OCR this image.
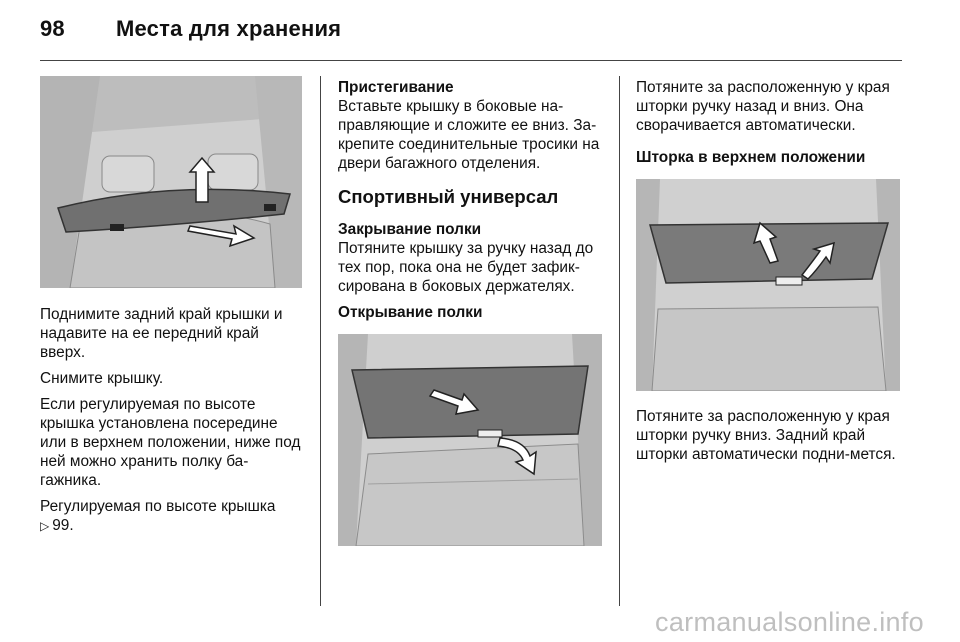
98 Места для хранения

Поднимите задний край крышки и надавите на ее передний край вверх.

Снимите крышку.

Если регулируемая по высоте крышка установлена посередине или в верхнем положении, ниже под ней можно хранить полку ба-гажника.

Регулируемая по высоте крышка
▷ 99.

Пристегивание

Вставьте крышку в боковые на-правляющие и сложите ее вниз. За-крепите соединительные тросики на двери багажного отделения.

Спортивный универсал

Закрывание полки

Потяните крышку за ручку назад до тех пор, пока она не будет зафик-сирована в боковых держателях.

Открывание полки

Потяните за расположенную у края шторки ручку назад и вниз. Она сворачивается автоматически.

Шторка в верхнем положении

Потяните за расположенную у края шторки ручку вниз. Задний край шторки автоматически подни-мется.

carmanualsonline.info
